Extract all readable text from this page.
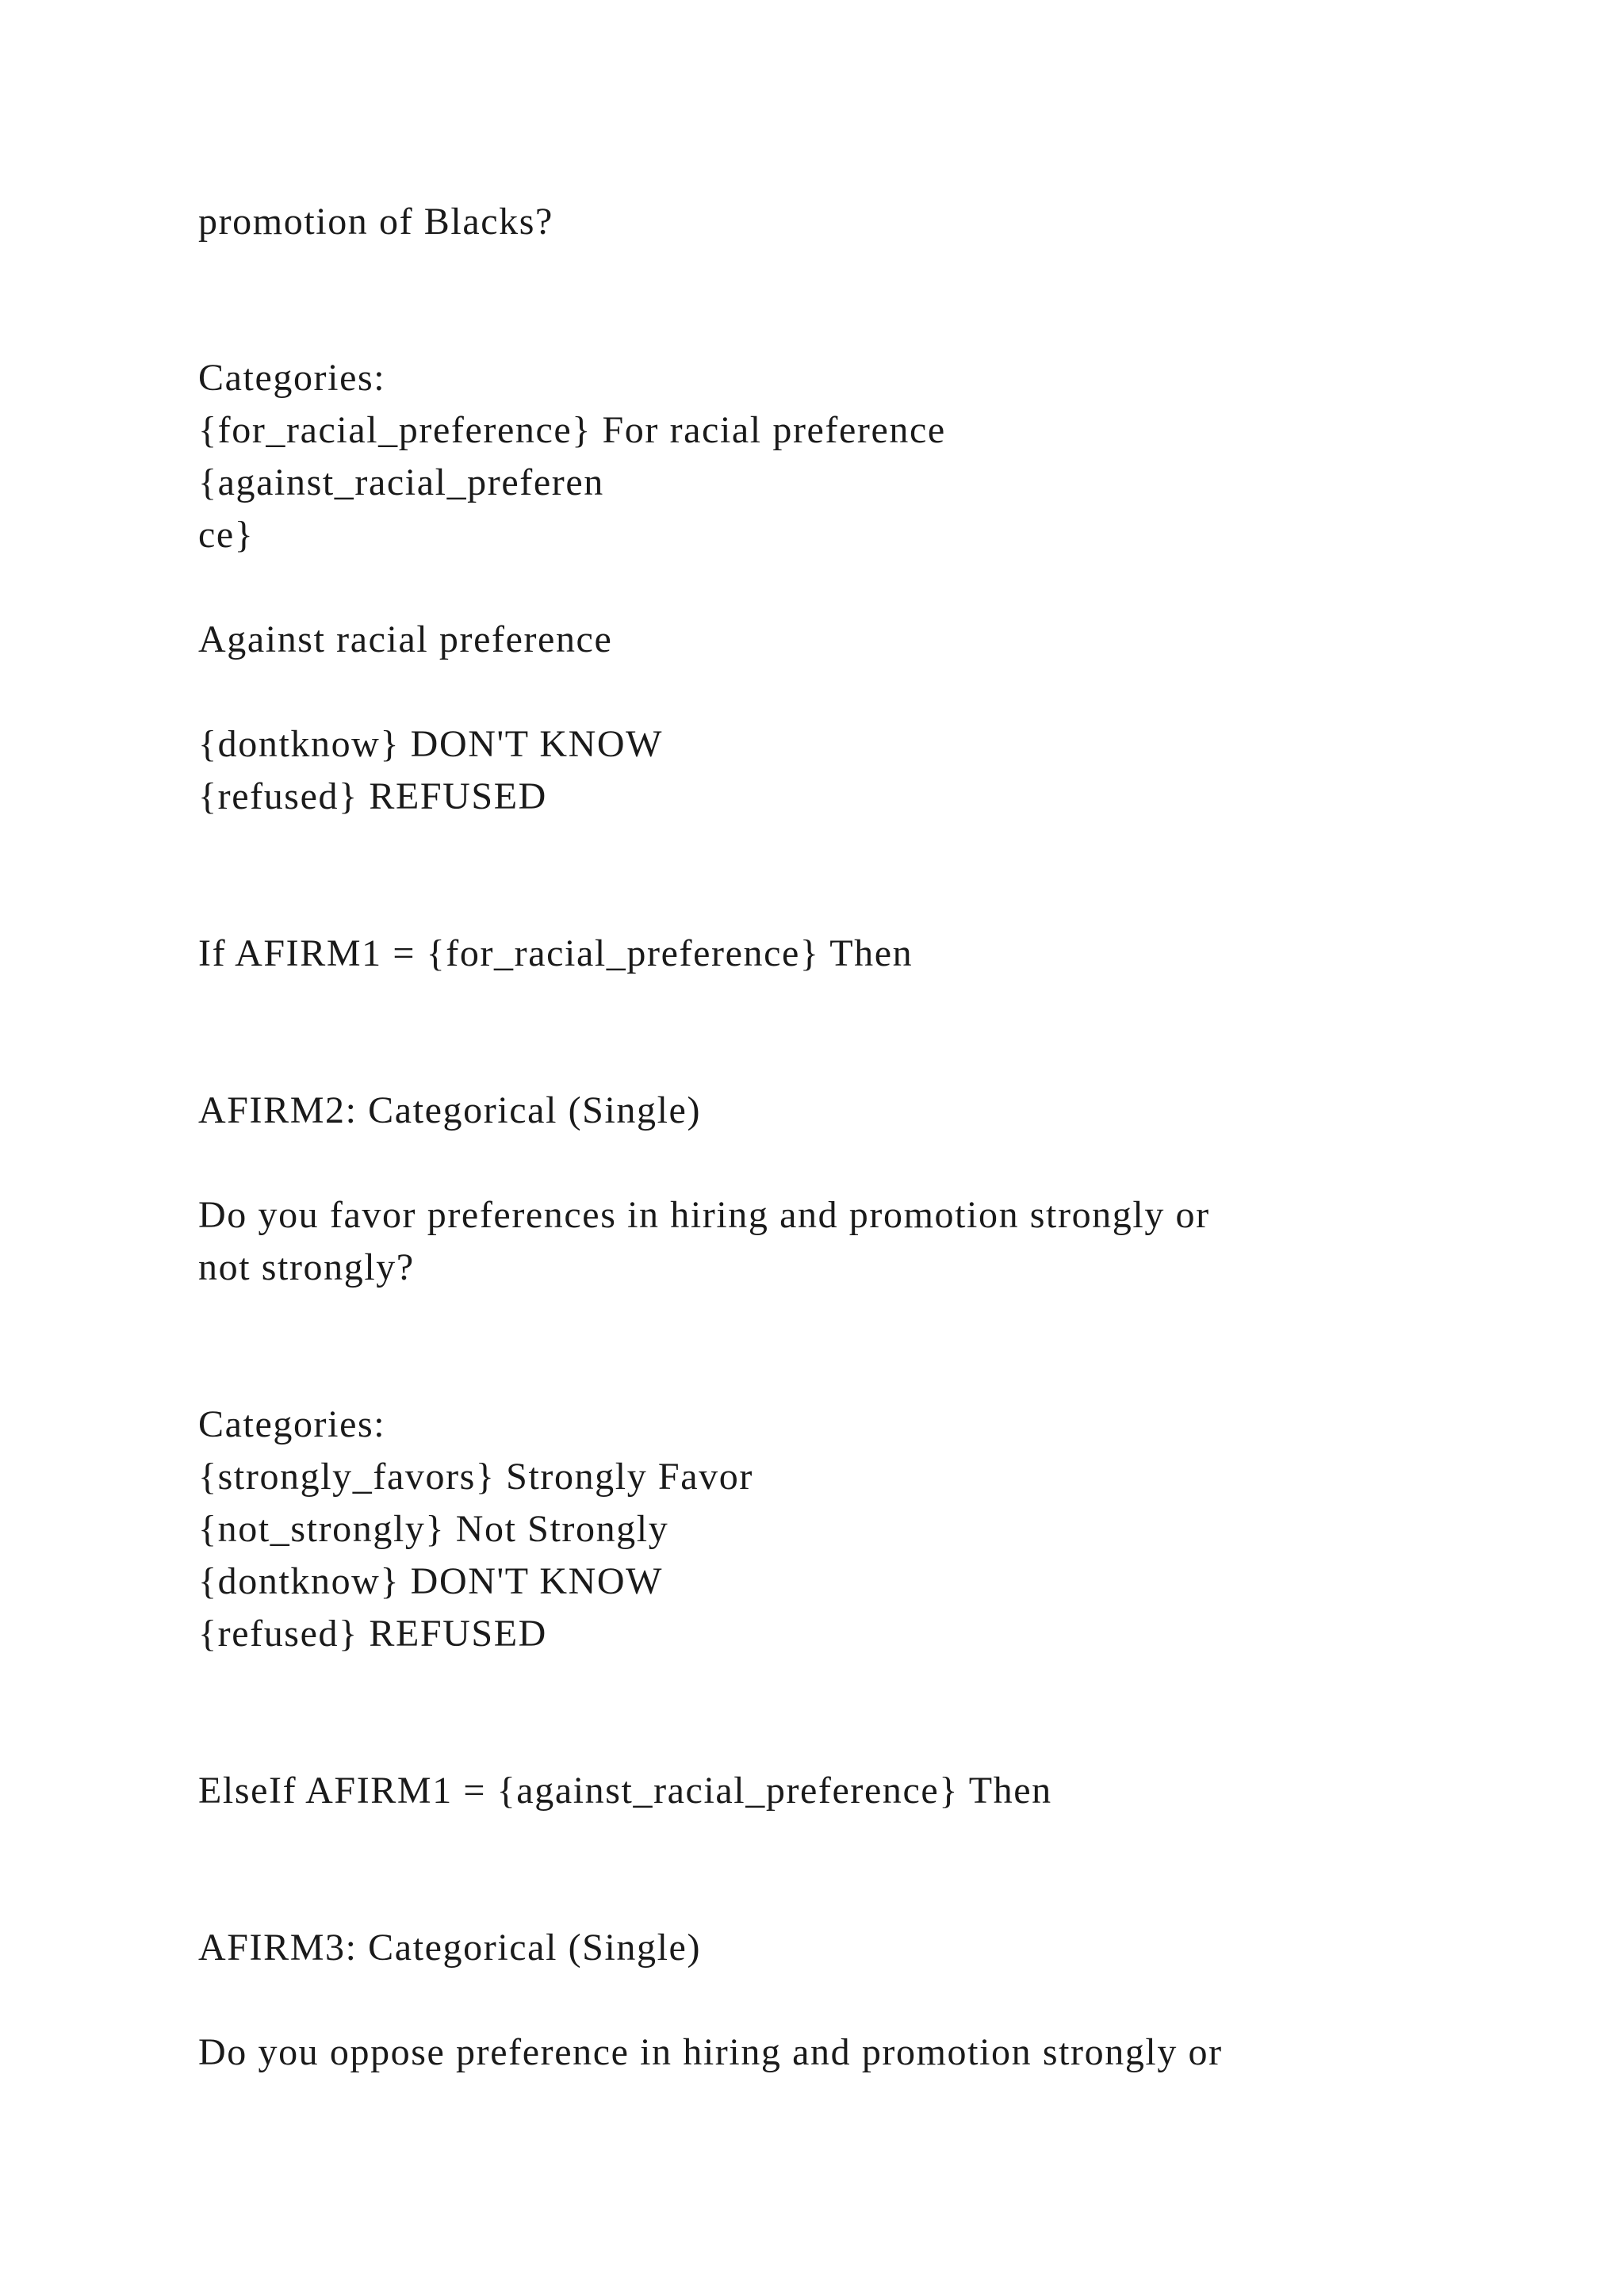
promotion of Blacks?

Categories:

{for_racial_preference} For racial preference

{against_racial_preferen

ce}

Against racial preference

{dontknow} DON'T KNOW

{refused} REFUSED

If AFIRM1 = {for_racial_preference} Then

AFIRM2: Categorical (Single)

Do you favor preferences in hiring and promotion strongly or

not strongly?

Categories:

{strongly_favors} Strongly Favor

{not_strongly} Not Strongly

{dontknow} DON'T KNOW

{refused} REFUSED

ElseIf AFIRM1 = {against_racial_preference} Then

AFIRM3: Categorical (Single)

Do you oppose preference in hiring and promotion strongly or
